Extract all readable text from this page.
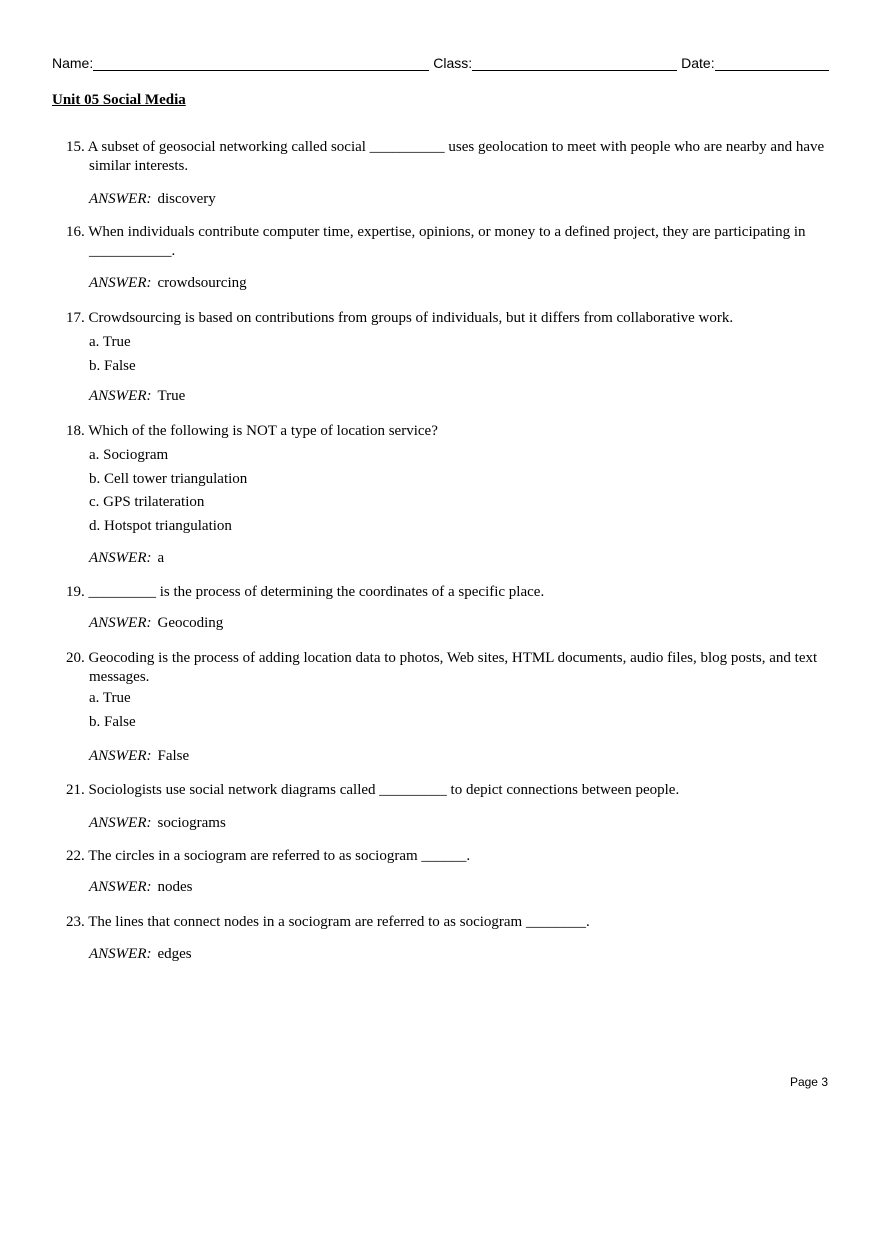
Name:	Class:	Date:
Unit 05 Social Media
15. A subset of geosocial networking called social __________ uses geolocation to meet with people who are nearby and have similar interests.
ANSWER: discovery
16. When individuals contribute computer time, expertise, opinions, or money to a defined project, they are participating in ___________.
ANSWER: crowdsourcing
17. Crowdsourcing is based on contributions from groups of individuals, but it differs from collaborative work.
a. True
b. False
ANSWER: True
18. Which of the following is NOT a type of location service?
a. Sociogram
b. Cell tower triangulation
c. GPS trilateration
d. Hotspot triangulation
ANSWER: a
19. _________ is the process of determining the coordinates of a specific place.
ANSWER: Geocoding
20. Geocoding is the process of adding location data to photos, Web sites, HTML documents, audio files, blog posts, and text messages.
a. True
b. False
ANSWER: False
21. Sociologists use social network diagrams called _________ to depict connections between people.
ANSWER: sociograms
22. The circles in a sociogram are referred to as sociogram ______.
ANSWER: nodes
23. The lines that connect nodes in a sociogram are referred to as sociogram ________.
ANSWER: edges
Page 3
